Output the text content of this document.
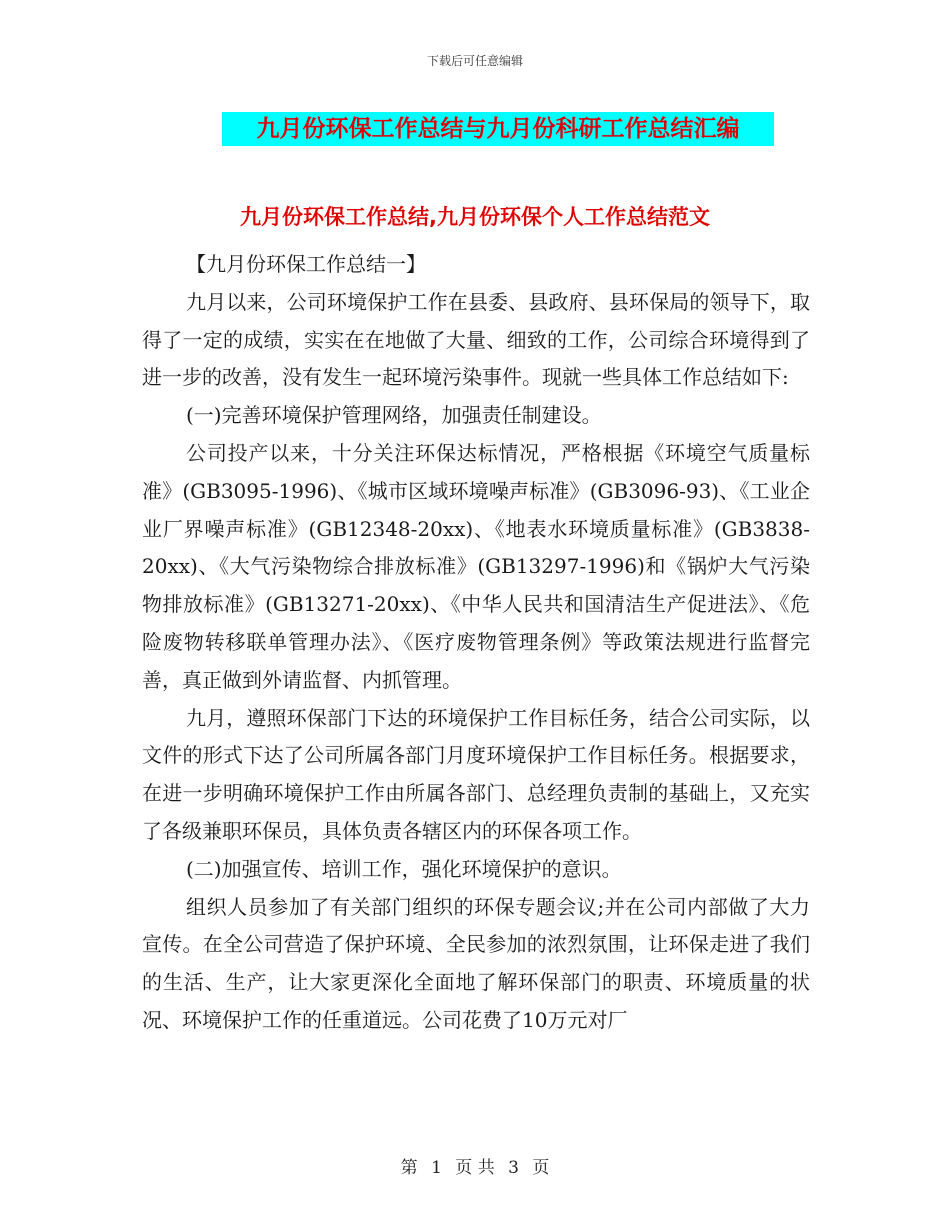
下载后可任意编辑
九月份环保工作总结与九月份科研工作总结汇编
九月份环保工作总结,九月份环保个人工作总结范文

【九月份环保工作总结一】

九月以来，公司环境保护工作在县委、县政府、县环保局的领导下，取得了一定的成绩，实实在在地做了大量、细致的工作，公司综合环境得到了进一步的改善，没有发生一起环境污染事件。现就一些具体工作总结如下:

(一)完善环境保护管理网络，加强责任制建设。

公司投产以来，十分关注环保达标情况，严格根据《环境空气质量标准》(GB3095-1996)、《城市区域环境噪声标准》(GB3096-93)、《工业企业厂界噪声标准》(GB12348-20xx)、《地表水环境质量标准》(GB3838-20xx)、《大气污染物综合排放标准》(GB13297-1996)和《锅炉大气污染物排放标准》(GB13271-20xx)、《中华人民共和国清洁生产促进法》、《危险废物转移联单管理办法》、《医疗废物管理条例》等政策法规进行监督完善，真正做到外请监督、内抓管理。

九月，遵照环保部门下达的环境保护工作目标任务，结合公司实际，以文件的形式下达了公司所属各部门月度环境保护工作目标任务。根据要求，在进一步明确环境保护工作由所属各部门、总经理负责制的基础上，又充实了各级兼职环保员，具体负责各辖区内的环保各项工作。

(二)加强宣传、培训工作，强化环境保护的意识。

组织人员参加了有关部门组织的环保专题会议;并在公司内部做了大力宣传。在全公司营造了保护环境、全民参加的浓烈氛围，让环保走进了我们的生活、生产，让大家更深化全面地了解环保部门的职责、环境质量的状况、环境保护工作的任重道远。公司花费了10万元对厂

第 1 页 共 3 页
